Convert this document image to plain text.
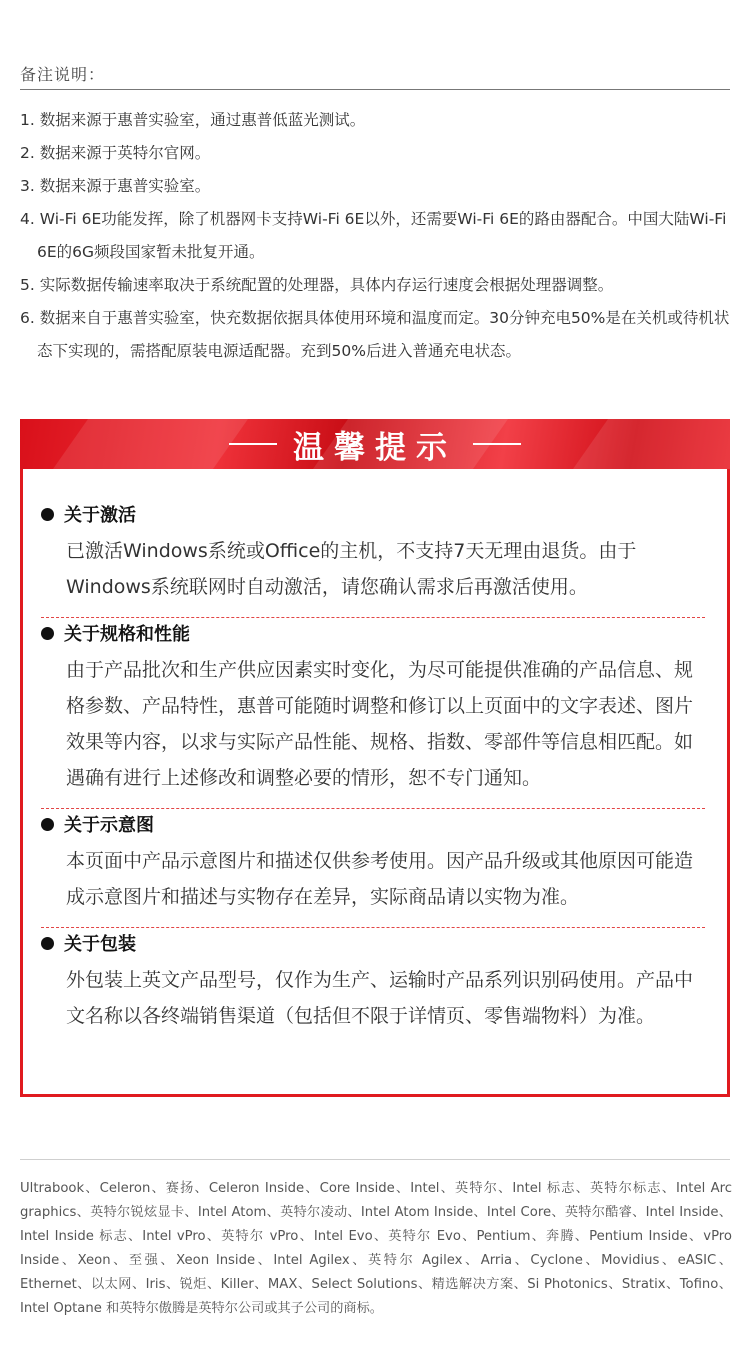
备注说明：
1. 数据来源于惠普实验室，通过惠普低蓝光测试。
2. 数据来源于英特尔官网。
3. 数据来源于惠普实验室。
4. Wi-Fi 6E功能发挥，除了机器网卡支持Wi-Fi 6E以外，还需要Wi-Fi 6E的路由器配合。中国大陆Wi-Fi 6E的6G频段国家暂未批复开通。
5. 实际数据传输速率取决于系统配置的处理器，具体内存运行速度会根据处理器调整。
6. 数据来自于惠普实验室，快充数据依据具体使用环境和温度而定。30分钟充电50%是在关机或待机状态下实现的，需搭配原装电源适配器。充到50%后进入普通充电状态。
温馨提示
关于激活

已激活Windows系统或Office的主机，不支持7天无理由退货。由于Windows系统联网时自动激活，请您确认需求后再激活使用。

关于规格和性能

由于产品批次和生产供应因素实时变化，为尽可能提供准确的产品信息、规格参数、产品特性，惠普可能随时调整和修订以上页面中的文字表述、图片效果等内容，以求与实际产品性能、规格、指数、零部件等信息相匹配。如遇确有进行上述修改和调整必要的情形，恕不专门通知。

关于示意图

本页面中产品示意图片和描述仅供参考使用。因产品升级或其他原因可能造成示意图片和描述与实物存在差异，实际商品请以实物为准。

关于包装

外包装上英文产品型号，仅作为生产、运输时产品系列识别码使用。产品中文名称以各终端销售渠道（包括但不限于详情页、零售端物料）为准。

Ultrabook、Celeron、赛扬、Celeron Inside、Core Inside、Intel、英特尔、Intel 标志、英特尔标志、Intel Arc graphics、英特尔锐炫显卡、Intel Atom、英特尔凌动、Intel Atom Inside、Intel Core、英特尔酷睿、Intel Inside、Intel Inside 标志、Intel vPro、英特尔 vPro、Intel Evo、英特尔 Evo、Pentium、奔腾、Pentium Inside、vPro Inside、Xeon、至强、Xeon Inside、Intel Agilex、英特尔 Agilex、Arria、Cyclone、Movidius、eASIC、Ethernet、以太网、Iris、锐炬、Killer、MAX、Select Solutions、精选解决方案、Si Photonics、Stratix、Tofino、Intel Optane 和英特尔傲腾是英特尔公司或其子公司的商标。
